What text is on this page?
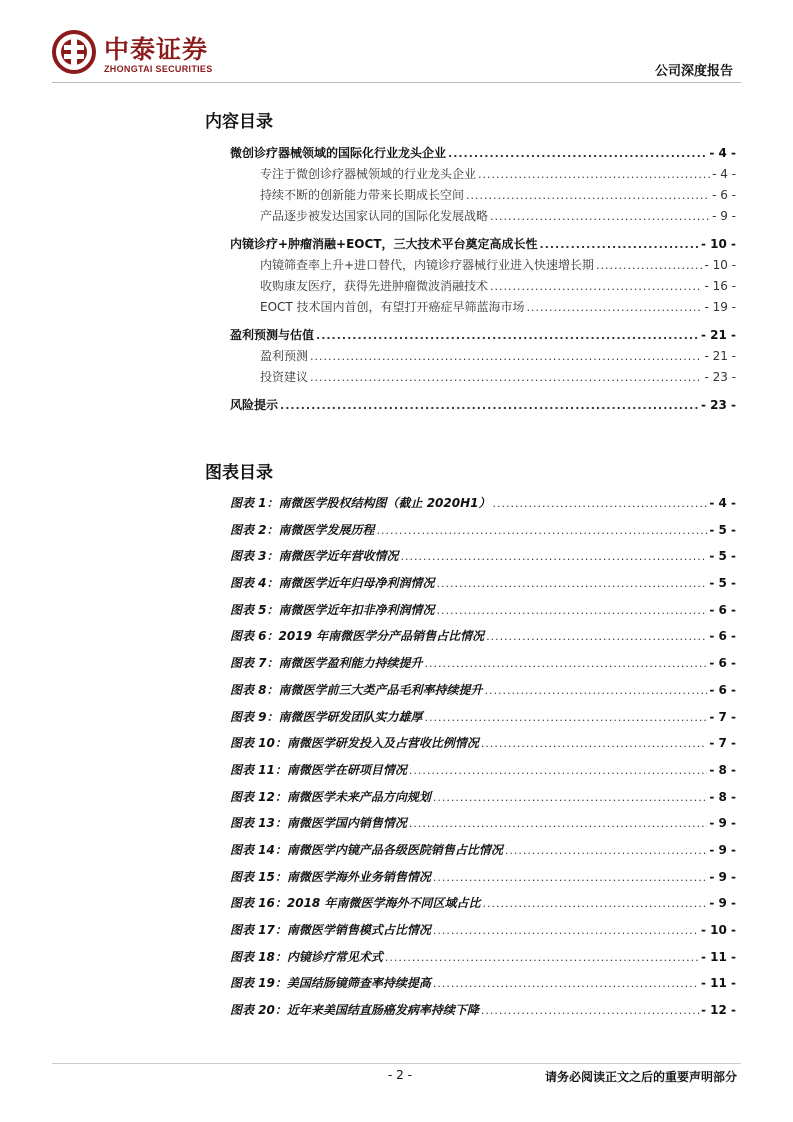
中泰证券
ZHONGTAI SECURITIES	公司深度报告
内容目录
微创诊疗器械领域的国际化行业龙头企业 .....	- 4 -
专注于微创诊疗器械领域的行业龙头企业 .....	- 4 -
持续不断的创新能力带来长期成长空间 .....	- 6 -
产品逐步被发达国家认同的国际化发展战略 .....	- 9 -
内镜诊疗+肿瘤消融+EOCT，三大技术平台奠定高成长性 .....	- 10 -
内镜筛查率上升+进口替代，内镜诊疗器械行业进入快速增长期 .....	- 10 -
收购康友医疗，获得先进肿瘤微波消融技术 .....	- 16 -
EOCT 技术国内首创，有望打开癌症早筛蓝海市场 .....	- 19 -
盈利预测与估值 .....	- 21 -
盈利预测 .....	- 21 -
投资建议 .....	- 23 -
风险提示 .....	- 23 -
图表目录
图表 1：南微医学股权结构图（截止 2020H1） .....	- 4 -
图表 2：南微医学发展历程 .....	- 5 -
图表 3：南微医学近年营收情况 .....	- 5 -
图表 4：南微医学近年归母净利润情况 .....	- 5 -
图表 5：南微医学近年扣非净利润情况 .....	- 6 -
图表 6：2019 年南微医学分产品销售占比情况 .....	- 6 -
图表 7：南微医学盈利能力持续提升 .....	- 6 -
图表 8：南微医学前三大类产品毛利率持续提升 .....	- 6 -
图表 9：南微医学研发团队实力雄厚 .....	- 7 -
图表 10：南微医学研发投入及占营收比例情况 .....	- 7 -
图表 11：南微医学在研项目情况 .....	- 8 -
图表 12：南微医学未来产品方向规划 .....	- 8 -
图表 13：南微医学国内销售情况 .....	- 9 -
图表 14：南微医学内镜产品各级医院销售占比情况 .....	- 9 -
图表 15：南微医学海外业务销售情况 .....	- 9 -
图表 16：2018 年南微医学海外不同区域占比 .....	- 9 -
图表 17：南微医学销售模式占比情况 .....	- 10 -
图表 18：内镜诊疗常见术式 .....	- 11 -
图表 19：美国结肠镜筛查率持续提高 .....	- 11 -
图表 20：近年来美国结直肠癌发病率持续下降 .....	- 12 -
- 2 -	请务必阅读正文之后的重要声明部分
